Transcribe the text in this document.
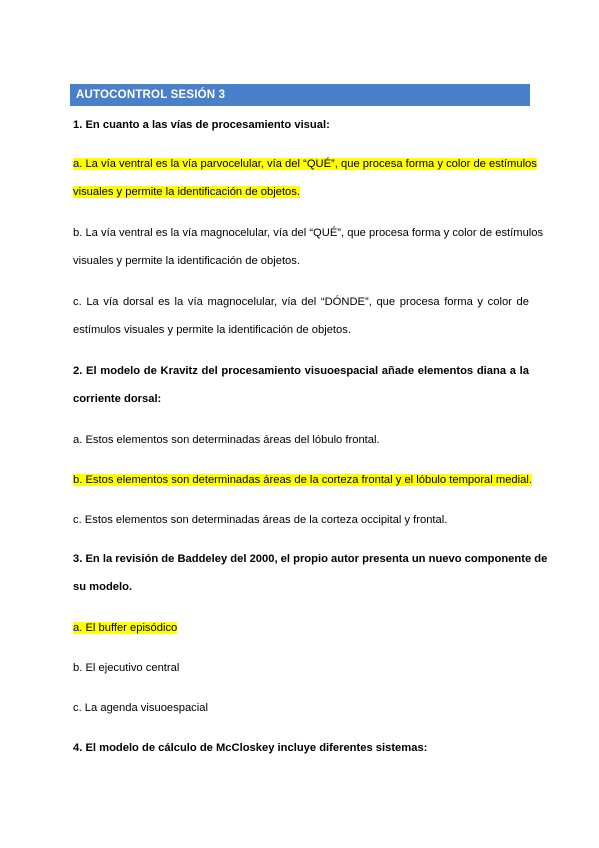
AUTOCONTROL SESIÓN 3
1. En cuanto a las vías de procesamiento visual:
a. La vía ventral es la vía parvocelular, vía del “QUÉ”, que procesa forma y color de estímulos
visuales y permite la identificación de objetos.
b. La vía ventral es la vía magnocelular, vía del “QUÉ”, que procesa forma y color de estímulos
visuales y permite la identificación de objetos.
c. La vía dorsal es la vía magnocelular, vía del “DÓNDE”, que procesa forma y color de
estímulos visuales y permite la identificación de objetos.
2. El modelo de Kravitz del procesamiento visuoespacial añade elementos diana a la
corriente dorsal:
a. Estos elementos son determinadas áreas del lóbulo frontal.
b. Estos elementos son determinadas áreas de la corteza frontal y el lóbulo temporal medial.
c. Estos elementos son determinadas áreas de la corteza occipital y frontal.
3. En la revisión de Baddeley del 2000, el propio autor presenta un nuevo componente de
su modelo.
a. El buffer episódico
b. El ejecutivo central
c. La agenda visuoespacial
4. El modelo de cálculo de McCloskey incluye diferentes sistemas:
